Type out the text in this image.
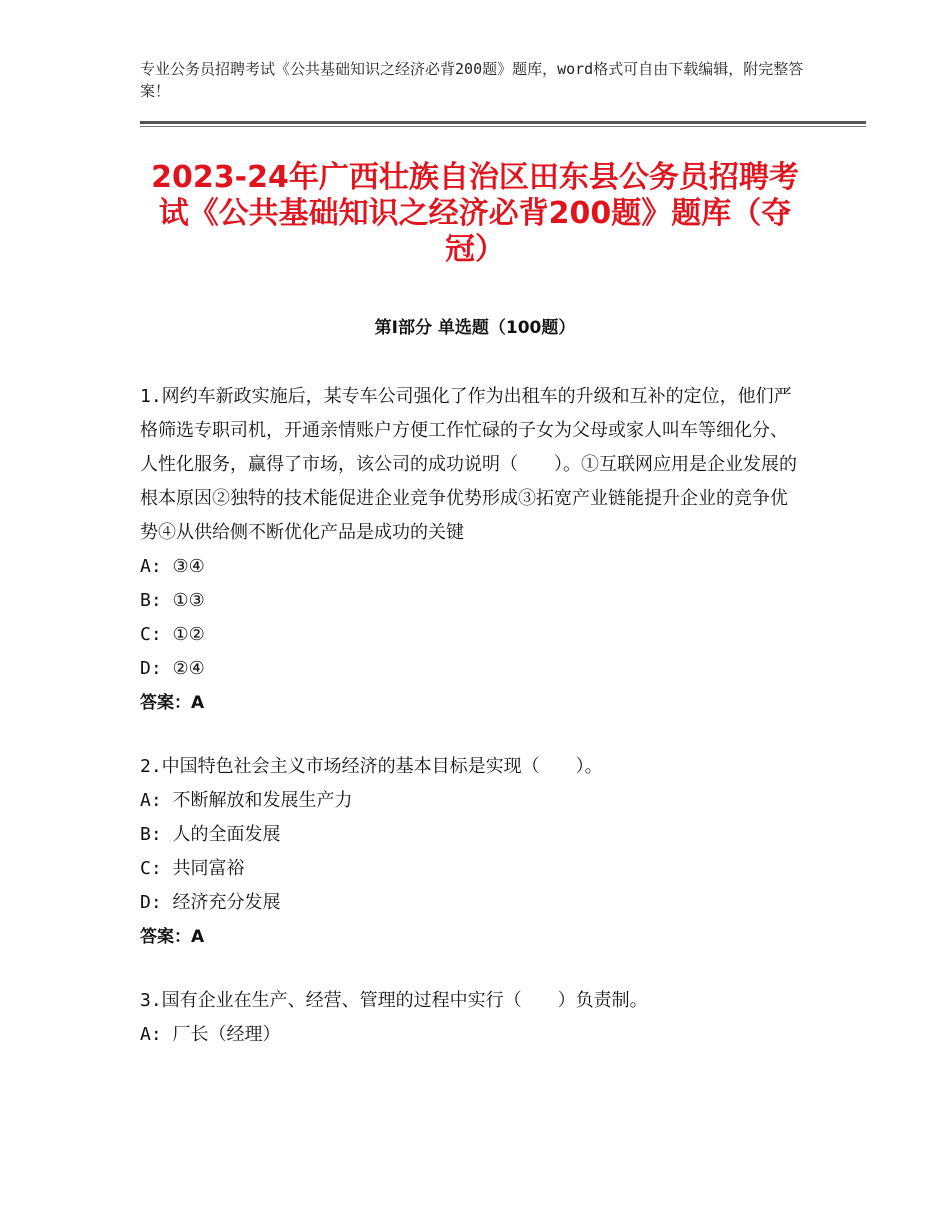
专业公务员招聘考试《公共基础知识之经济必背200题》题库，word格式可自由下载编辑，附完整答案！
2023-24年广西壮族自治区田东县公务员招聘考试《公共基础知识之经济必背200题》题库（夺冠）
第Ⅰ部分 单选题（100题）

1.网约车新政实施后，某专车公司强化了作为出租车的升级和互补的定位，他们严格筛选专职司机，开通亲情账户方便工作忙碌的子女为父母或家人叫车等细化分、人性化服务，赢得了市场，该公司的成功说明（　　）。①互联网应用是企业发展的根本原因②独特的技术能促进企业竞争优势形成③拓宽产业链能提升企业的竞争优势④从供给侧不断优化产品是成功的关键

A: ③④

B: ①③

C: ①②

D: ②④

答案：A

2.中国特色社会主义市场经济的基本目标是实现（　　）。

A: 不断解放和发展生产力

B: 人的全面发展

C: 共同富裕

D: 经济充分发展

答案：A

3.国有企业在生产、经营、管理的过程中实行（　　）负责制。

A: 厂长（经理）
